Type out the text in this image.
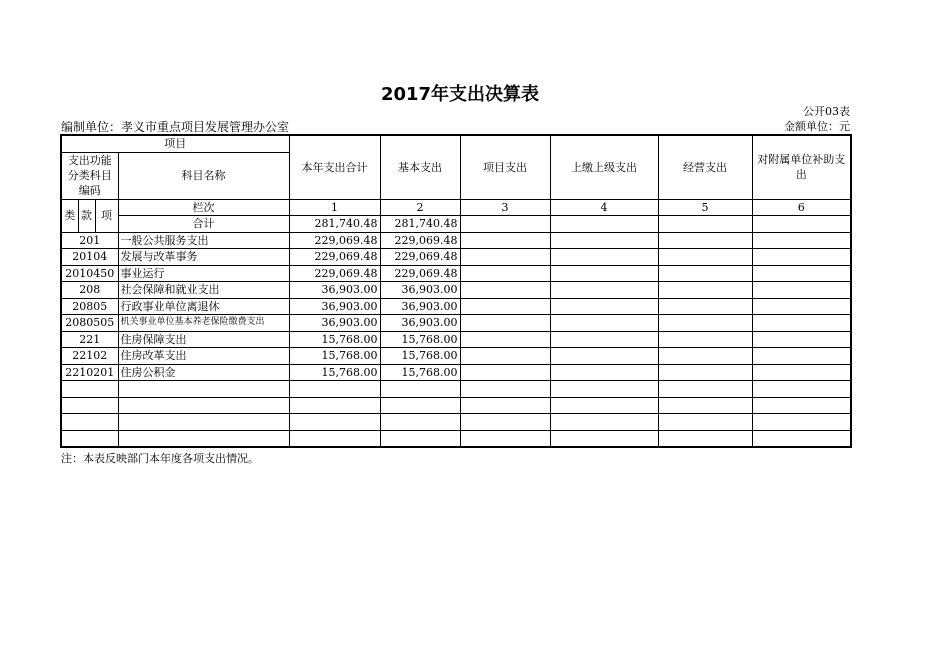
2017年支出决算表
公开03表
编制单位：孝义市重点项目发展管理办公室	金额单位：元
项目				本年支出合计	基本支出	项目支出	上缴上级支出	经营支出	对附属单位补助支出
支出功能分类科目编码			科目名称						

类	款	项	栏次	1	2	3	4	5	6
			合计	281,740.48	281,740.48				
201			一般公共服务支出	229,069.48	229,069.48				
20104			发展与改革事务	229,069.48	229,069.48				
2010450			事业运行	229,069.48	229,069.48				
208			社会保障和就业支出	36,903.00	36,903.00				
20805			行政事业单位离退休	36,903.00	36,903.00				
2080505			机关事业单位基本养老保险缴费支出	36,903.00	36,903.00				
221			住房保障支出	15,768.00	15,768.00				
22102			住房改革支出	15,768.00	15,768.00				
2210201			住房公积金	15,768.00	15,768.00				

注：本表反映部门本年度各项支出情况。
